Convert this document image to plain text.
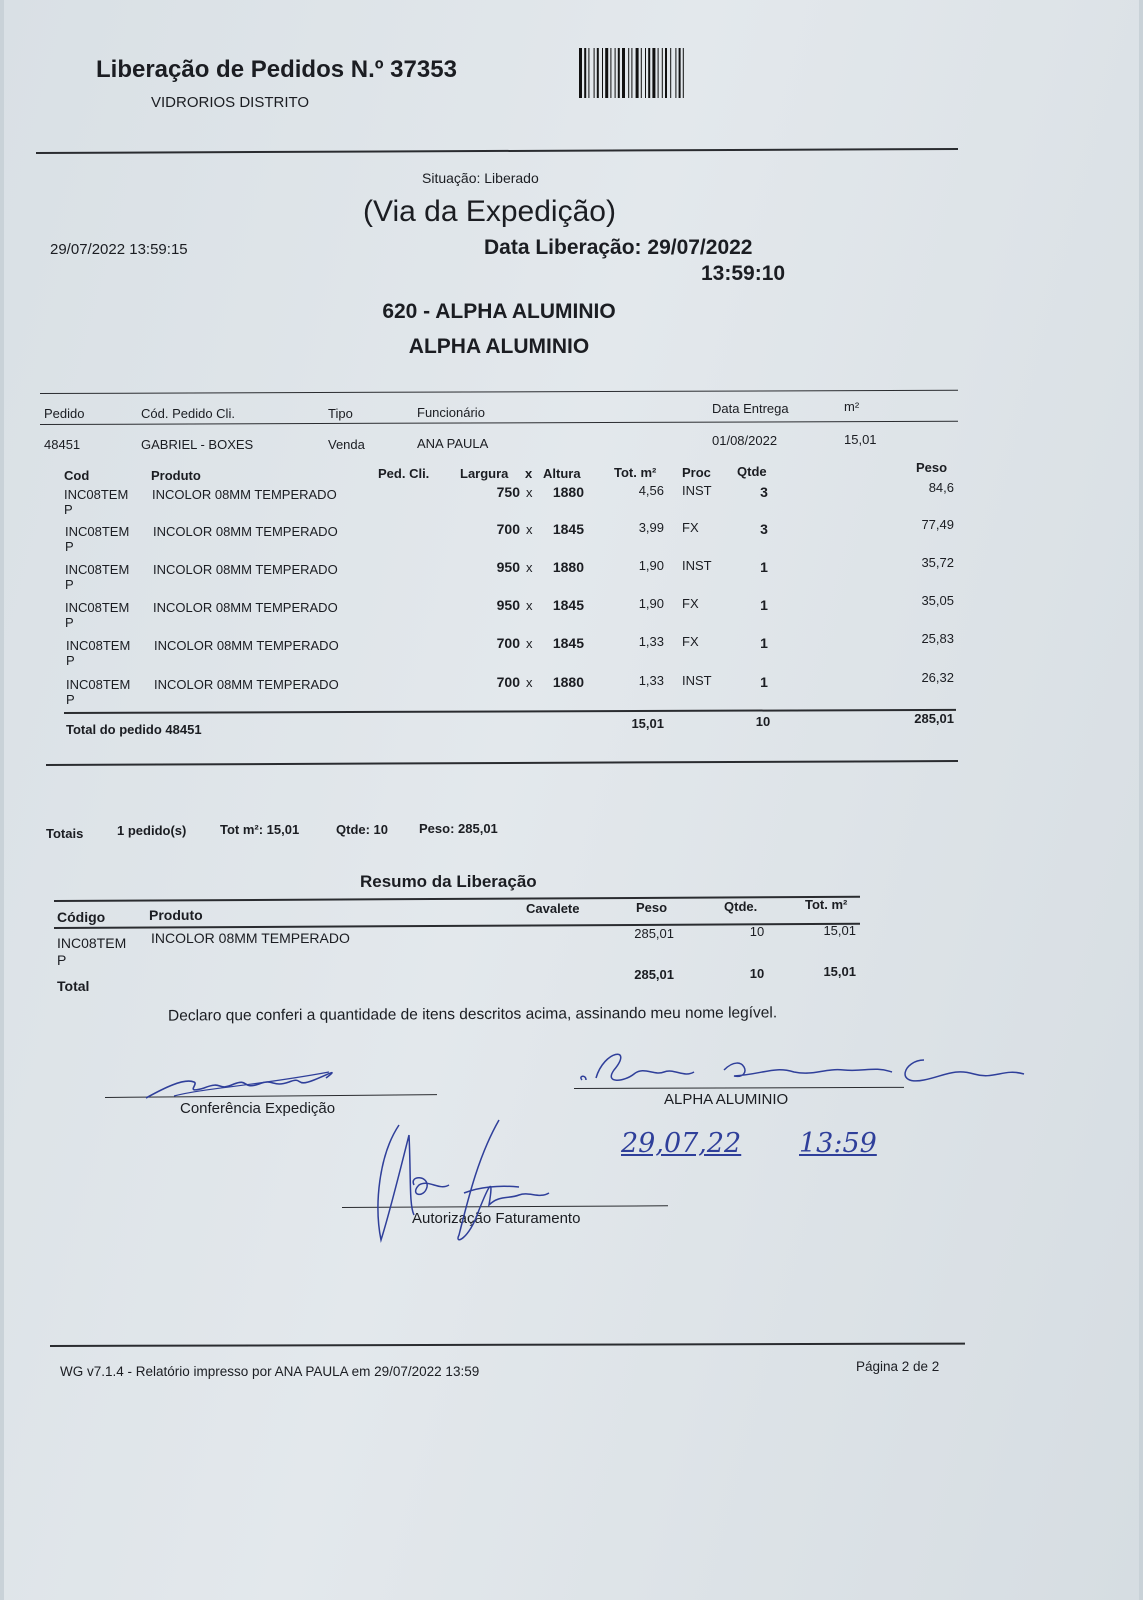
Liberação de Pedidos N.º 37353
VIDRORIOS DISTRITO
Situação: Liberado
(Via da Expedição)
29/07/2022 13:59:15	Data Liberação: 29/07/2022
13:59:10
620 - ALPHA ALUMINIO
ALPHA ALUMINIO
Pedido	Cód. Pedido Cli.	Tipo	Funcionário	Data Entrega	m²
48451	GABRIEL - BOXES	Venda	ANA PAULA	01/08/2022	15,01
Cod	Produto	Ped. Cli. Largura x Altura	Tot. m² Proc Qtde	Peso
INC08TEM
P
INCOLOR 08MM TEMPERADO	750 x	1880	4,56 INST	3	84,6
INC08TEM
P
INCOLOR 08MM TEMPERADO	700 x	1845	3,99 FX	3	77,49
INC08TEM
P
INCOLOR 08MM TEMPERADO	950 x	1880	1,90 INST	1	35,72
INC08TEM
P
INCOLOR 08MM TEMPERADO	950 x	1845	1,90 FX	1	35,05
INC08TEM
P
INCOLOR 08MM TEMPERADO	700 x	1845	1,33 FX	1	25,83
INC08TEM
P
INCOLOR 08MM TEMPERADO	700 x	1880	1,33 INST	1	26,32
Total do pedido 48451	15,01	10	285,01
Totais	1 pedido(s)	Tot m²: 15,01	Qtde: 10 Peso: 285,01
Resumo da Liberação
Código	Produto	Cavalete	Peso	Qtde.	Tot. m²
INC08TEM
P
INCOLOR 08MM TEMPERADO	285,01	10	15,01
Total
285,01	10	15,01
Declaro que conferi a quantidade de itens descritos acima, assinando meu nome legível.
Conferência Expedição
ALPHA ALUMINIO
29,07,22 13:59
Autorização Faturamento
WG v7.1.4 - Relatório impresso por ANA PAULA em 29/07/2022 13:59	Página 2 de 2
